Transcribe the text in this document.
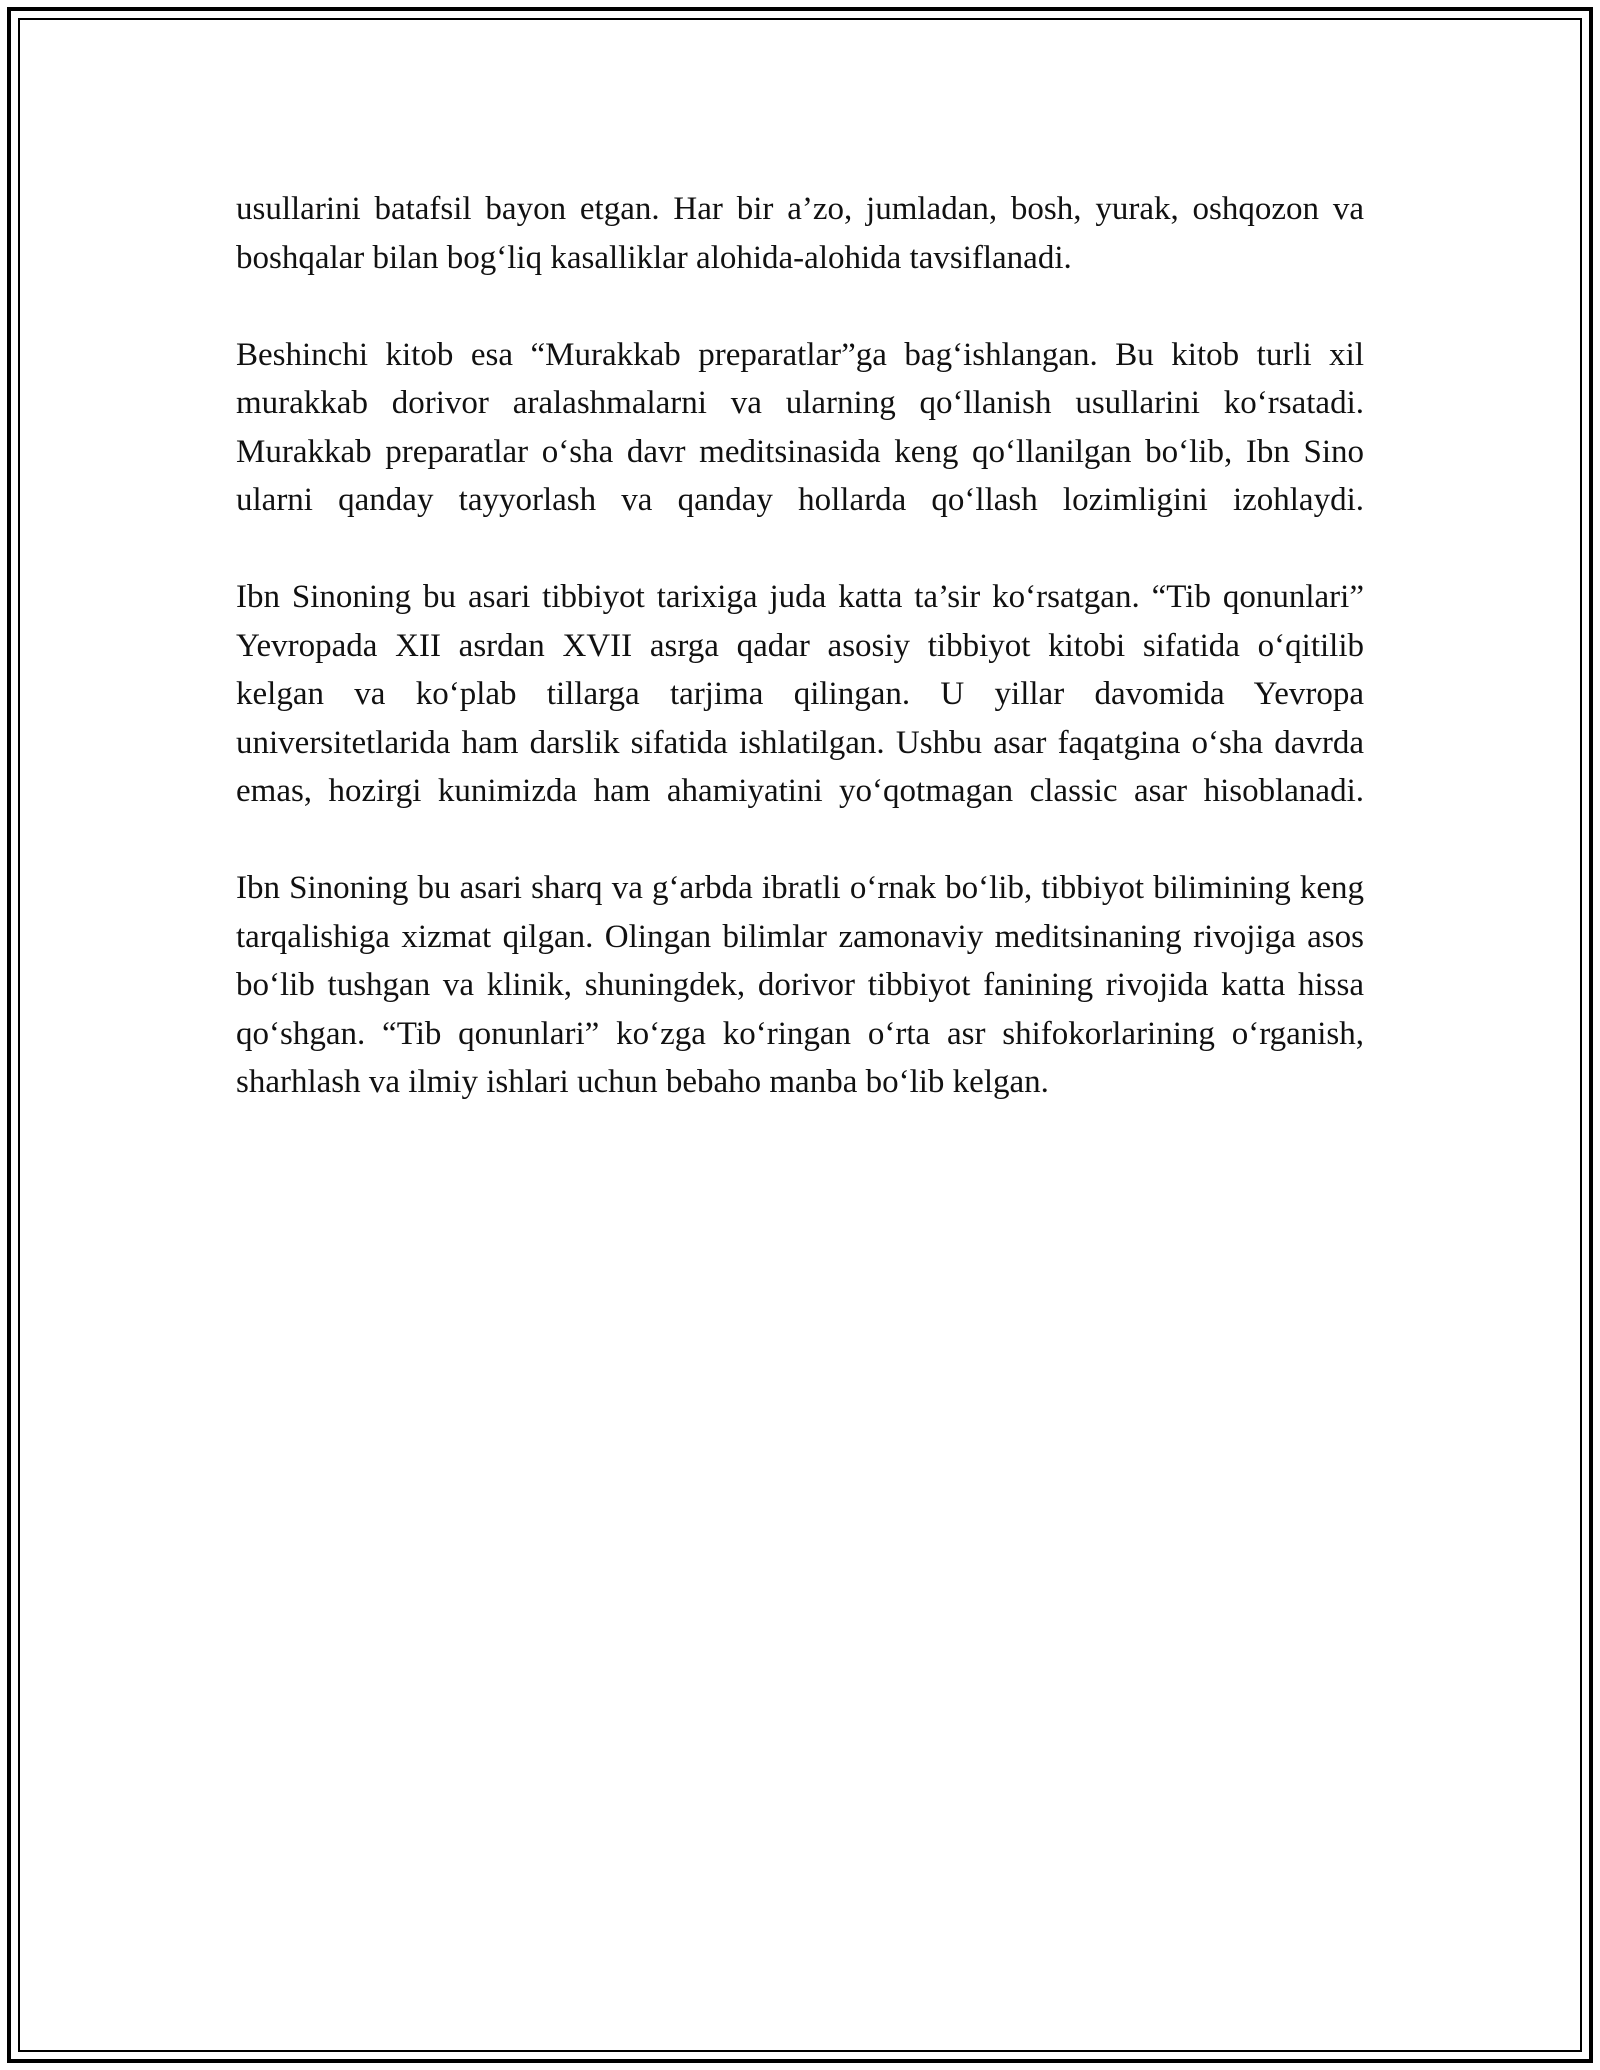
usullarini batafsil bayon etgan. Har bir a’zo, jumladan, bosh, yurak, oshqozon va boshqalar bilan bog‘liq kasalliklar alohida-alohida tavsiflanadi.

Beshinchi kitob esa “Murakkab preparatlar”ga bag‘ishlangan. Bu kitob turli xil murakkab dorivor aralashmalarni va ularning qo‘llanish usullarini ko‘rsatadi. Murakkab preparatlar o‘sha davr meditsinasida keng qo‘llanilgan bo‘lib, Ibn Sino ularni qanday tayyorlash va qanday hollarda qo‘llash lozimligini izohlaydi.

Ibn Sinoning bu asari tibbiyot tarixiga juda katta ta’sir ko‘rsatgan. “Tib qonunlari” Yevropada XII asrdan XVII asrga qadar asosiy tibbiyot kitobi sifatida o‘qitilib kelgan va ko‘plab tillarga tarjima qilingan. U yillar davomida Yevropa universitetlarida ham darslik sifatida ishlatilgan. Ushbu asar faqatgina o‘sha davrda emas, hozirgi kunimizda ham ahamiyatini yo‘qotmagan classic asar hisoblanadi.

Ibn Sinoning bu asari sharq va g‘arbda ibratli o‘rnak bo‘lib, tibbiyot bilimining keng tarqalishiga xizmat qilgan. Olingan bilimlar zamonaviy meditsinaning rivojiga asos bo‘lib tushgan va klinik, shuningdek, dorivor tibbiyot fanining rivojida katta hissa qo‘shgan. “Tib qonunlari” ko‘zga ko‘ringan o‘rta asr shifokorlarining o‘rganish, sharhlash va ilmiy ishlari uchun bebaho manba bo‘lib kelgan.
